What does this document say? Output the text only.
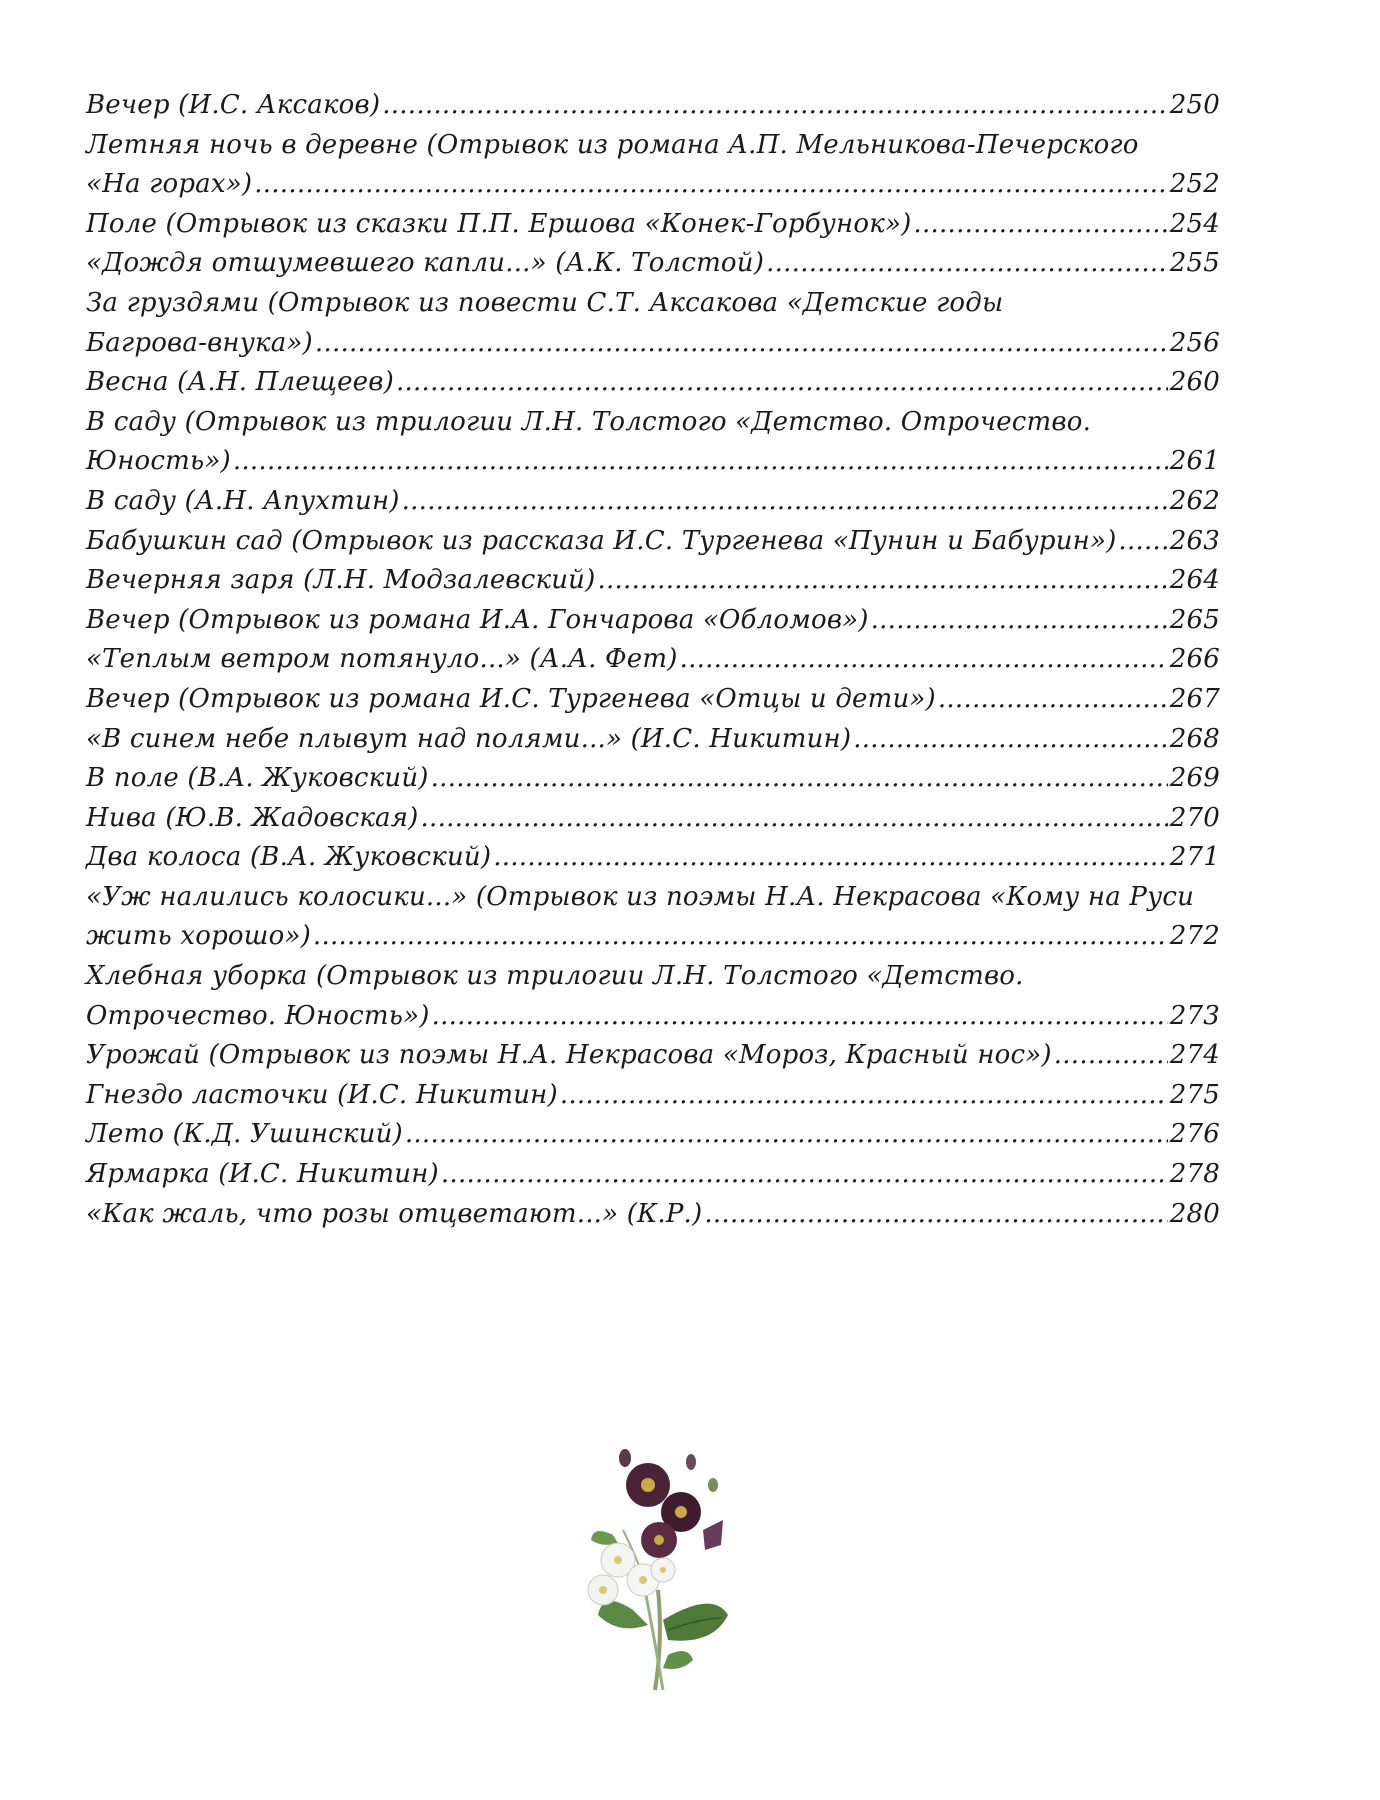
Вечер (И.С. Аксаков) . . .	250
Летняя ночь в деревне (Отрывок из романа А.П. Мельникова-Печерского
«На горах») . . .	252
Поле (Отрывок из сказки П.П. Ершова «Конек-Горбунок») . . .	254
«Дождя отшумевшего капли...» (А.К. Толстой) . . .	255
За груздями (Отрывок из повести С.Т. Аксакова «Детские годы
Багрова-внука») . . .	256
Весна (А.Н. Плещеев) . . .	260
В саду (Отрывок из трилогии Л.Н. Толстого «Детство. Отрочество.
Юность») . . .	261
В саду (А.Н. Апухтин) . . .	262
Бабушкин сад (Отрывок из рассказа И.С. Тургенева «Пунин и Бабурин») . . . 263
Вечерняя заря (Л.Н. Модзалевский) . . .	264
Вечер (Отрывок из романа И.А. Гончарова «Обломов») . . .	265
«Теплым ветром потянуло...» (А.А. Фет) . . .	266
Вечер (Отрывок из романа И.С. Тургенева «Отцы и дети») . . .	267
«В синем небе плывут над полями...» (И.С. Никитин) . . .	268
В поле (В.А. Жуковский) . . .	269
Нива (Ю.В. Жадовская) . . .	270
Два колоса (В.А. Жуковский) . . .	271
«Уж налились колосики...» (Отрывок из поэмы Н.А. Некрасова «Кому на Руси
жить хорошо») . . .	272
Хлебная уборка (Отрывок из трилогии Л.Н. Толстого «Детство.
Отрочество. Юность») . . .	273
Урожай (Отрывок из поэмы Н.А. Некрасова «Мороз, Красный нос») . . .	274
Гнездо ласточки (И.С. Никитин) . . .	275
Лето (К.Д. Ушинский) . . .	276
Ярмарка (И.С. Никитин) . . .	278
«Как жаль, что розы отцветают...» (К.Р.) . . .	280
